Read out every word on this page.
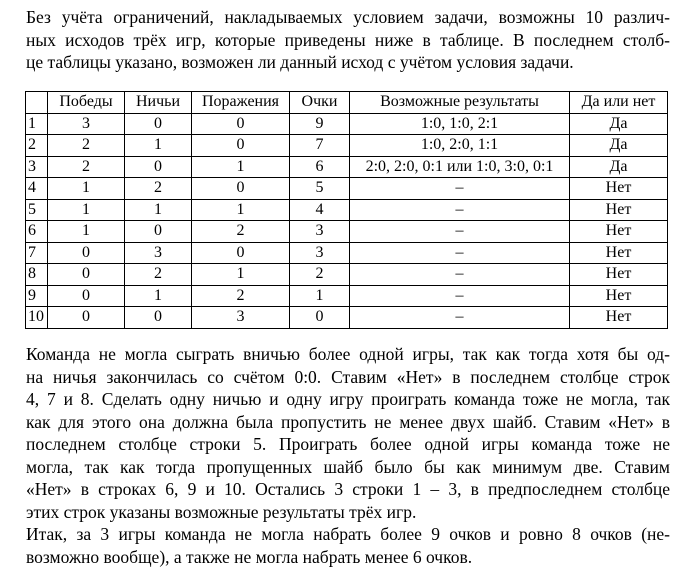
Без учёта ограничений, накладываемых условием задачи, возможны 10 различ-
ных исходов трёх игр, которые приведены ниже в таблице. В последнем столб-
це таблицы указано, возможен ли данный исход с учётом условия задачи.
	Победы	Ничьи	Поражения	Очки	Возможные результаты	Да или нет
1	3	0	0	9	1:0, 1:0, 2:1	Да
2	2	1	0	7	1:0, 2:0, 1:1	Да
3	2	0	1	6	2:0, 2:0, 0:1 или 1:0, 3:0, 0:1	Да
4	1	2	0	5	–	Нет
5	1	1	1	4	–	Нет
6	1	0	2	3	–	Нет
7	0	3	0	3	–	Нет
8	0	2	1	2	–	Нет
9	0	1	2	1	–	Нет
10	0	0	3	0	–	Нет
Команда не могла сыграть вничью более одной игры, так как тогда хотя бы од-
на ничья закончилась со счётом 0:0. Ставим «Нет» в последнем столбце строк
4, 7 и 8. Сделать одну ничью и одну игру проиграть команда тоже не могла, так
как для этого она должна была пропустить не менее двух шайб. Ставим «Нет» в
последнем столбце строки 5. Проиграть более одной игры команда тоже не
могла, так как тогда пропущенных шайб было бы как минимум две. Ставим
«Нет» в строках 6, 9 и 10. Остались 3 строки 1 – 3, в предпоследнем столбце
этих строк указаны возможные результаты трёх игр.
Итак, за 3 игры команда не могла набрать более 9 очков и ровно 8 очков (не-
возможно вообще), а также не могла набрать менее 6 очков.
